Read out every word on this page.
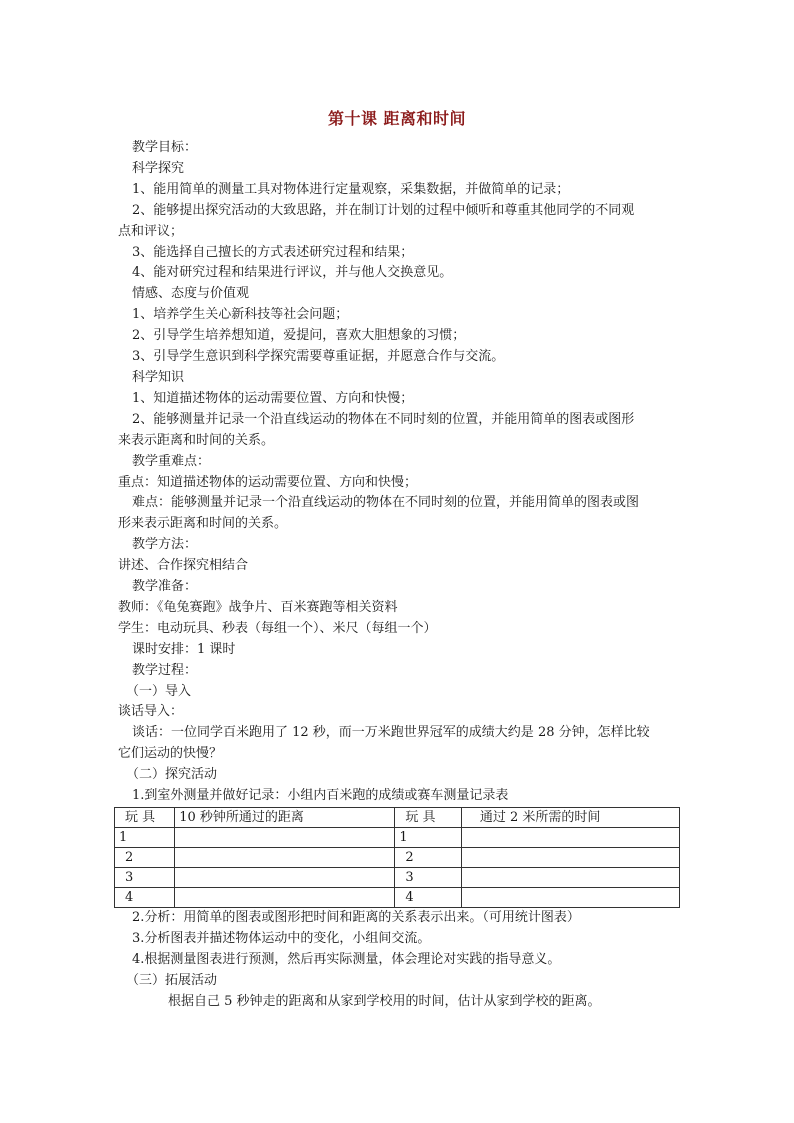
第十课 距离和时间

教学目标：

科学探究

1、能用简单的测量工具对物体进行定量观察，采集数据，并做简单的记录；

2、能够提出探究活动的大致思路，并在制订计划的过程中倾听和尊重其他同学的不同观

点和评议；

3、能选择自己擅长的方式表述研究过程和结果；

4、能对研究过程和结果进行评议，并与他人交换意见。

情感、态度与价值观

1、培养学生关心新科技等社会问题；

2、引导学生培养想知道，爱提问，喜欢大胆想象的习惯；

3、引导学生意识到科学探究需要尊重证据，并愿意合作与交流。

科学知识

1、知道描述物体的运动需要位置、方向和快慢；

2、能够测量并记录一个沿直线运动的物体在不同时刻的位置，并能用简单的图表或图形

来表示距离和时间的关系。

教学重难点：

重点：知道描述物体的运动需要位置、方向和快慢；

难点：能够测量并记录一个沿直线运动的物体在不同时刻的位置，并能用简单的图表或图

形来表示距离和时间的关系。

教学方法：

讲述、合作探究相结合

教学准备：

教师：《龟兔赛跑》战争片、百米赛跑等相关资料

学生：电动玩具、秒表（每组一个）、米尺（每组一个）

课时安排：1 课时

教学过程：

（一）导入

谈话导入：

谈话：一位同学百米跑用了 12 秒，而一万米跑世界冠军的成绩大约是 28 分钟，怎样比较

它们运动的快慢？

（二）探究活动

1.到室外测量并做好记录：小组内百米跑的成绩或赛车测量记录表

玩 具	10 秒钟所通过的距离	玩 具	通过 2 米所需的时间
1		1	
2		2	
3		3	
4		4	

2.分析：用简单的图表或图形把时间和距离的关系表示出来。（可用统计图表）

3.分析图表并描述物体运动中的变化，小组间交流。

4.根据测量图表进行预测，然后再实际测量，体会理论对实践的指导意义。

（三）拓展活动

根据自己 5 秒钟走的距离和从家到学校用的时间，估计从家到学校的距离。
